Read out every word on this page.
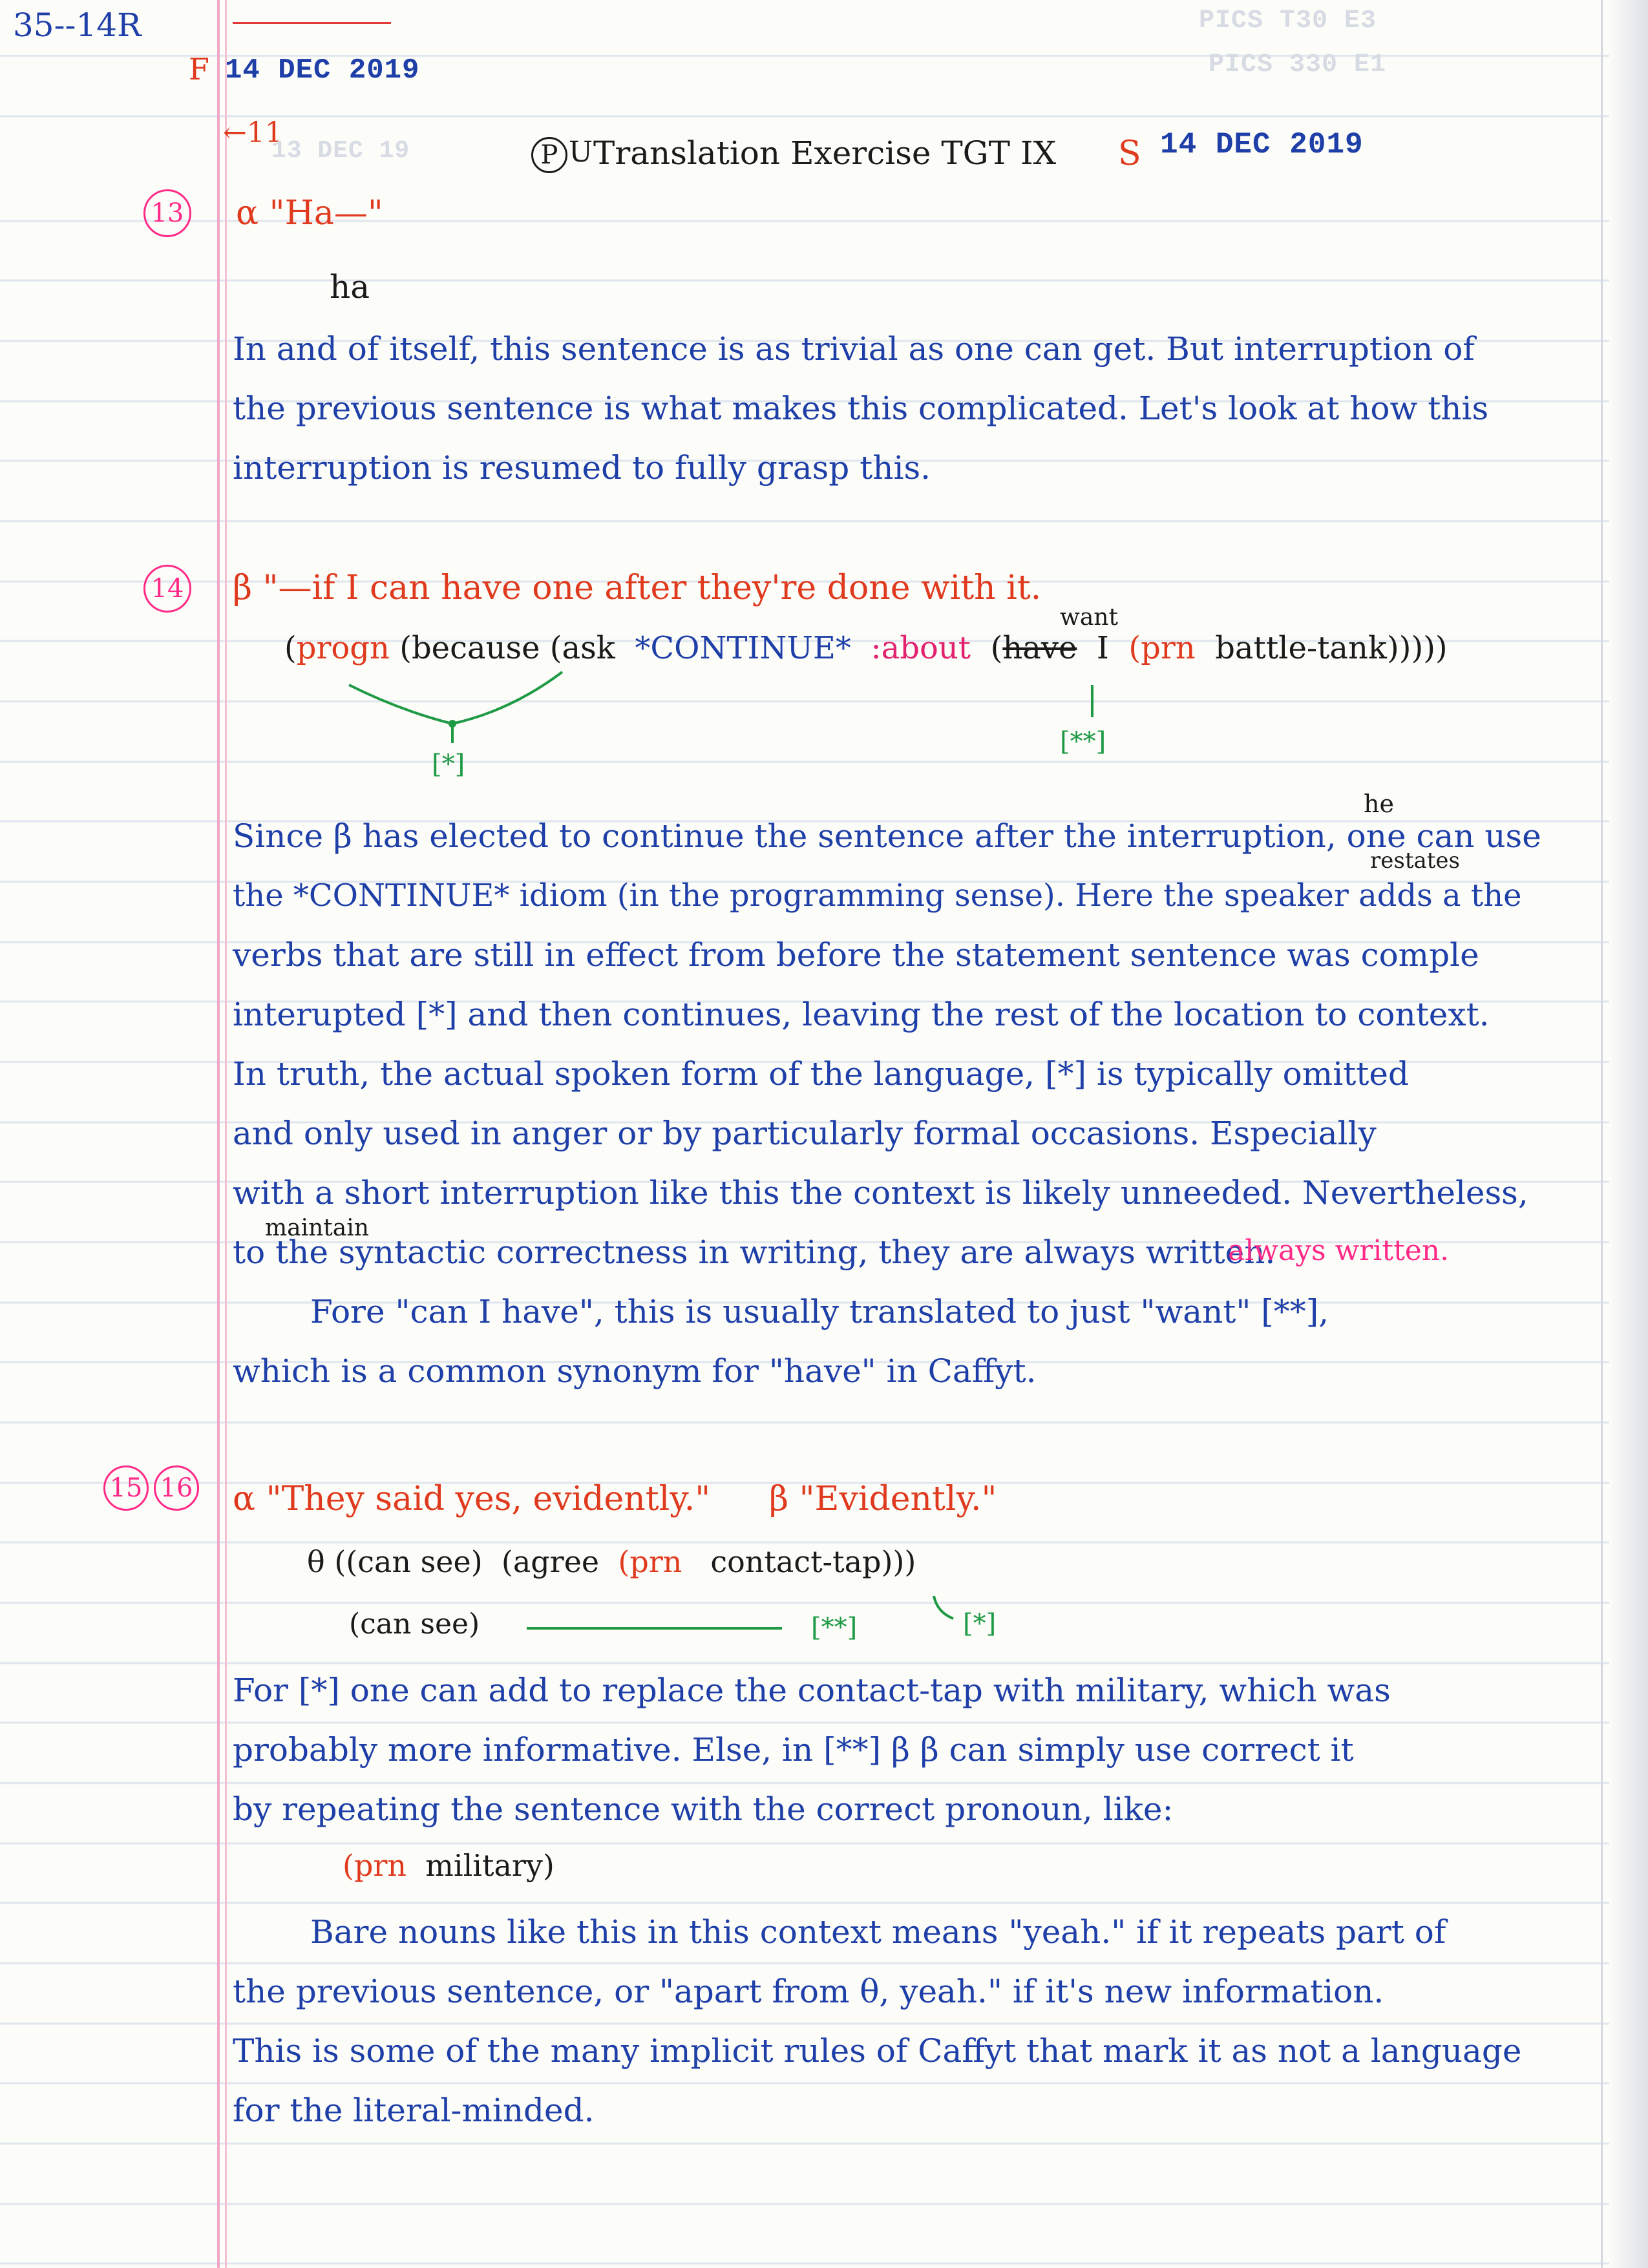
35--14R
F 14 DEC 2019
PICS T30 E3
PICS 330 E1
←11
13 DEC 19	P U Translation Exercise TGT IX S 14 DEC 2019
13 α "Ha—"
ha
In and of itself, this sentence is as trivial as one can get. But interruption of
the previous sentence is what makes this complicated. Let's look at how this
interruption is resumed to fully grasp this.
14 β "—if I can have one after they're done with it.
(progn (because (ask *CONTINUE* :about (have I (prn battle-tank)))))
want
[*]
[**]
he
restates
maintain
Since β has elected to continue the sentence after the interruption, one can use
the *CONTINUE* idiom (in the programming sense). Here the speaker adds a the
verbs that are still in effect from before the statement sentence was comple
interupted [*] and then continues, leaving the rest of the location to context.
In truth, the actual spoken form of the language, [*] is typically omitted
and only used in anger or by particularly formal occasions. Especially
with a short interruption like this the context is likely unneeded. Nevertheless,
to the syntactic correctness in writing, they are always written.
Fore "can I have", this is usually translated to just "want" [**],
which is a common synonym for "have" in Caffyt.
always written.
15 16 α "They said yes, evidently." β "Evidently."
θ ((can see) (agree (prn contact-tap)))
(can see)	[**]	[*]
For [*] one can add to replace the contact-tap with military, which was
probably more informative. Else, in [**] β β can simply use correct it
by repeating the sentence with the correct pronoun, like:
(prn military)
Bare nouns like this in this context means "yeah." if it repeats part of
the previous sentence, or "apart from θ, yeah." if it's new information.
This is some of the many implicit rules of Caffyt that mark it as not a language
for the literal-minded.
